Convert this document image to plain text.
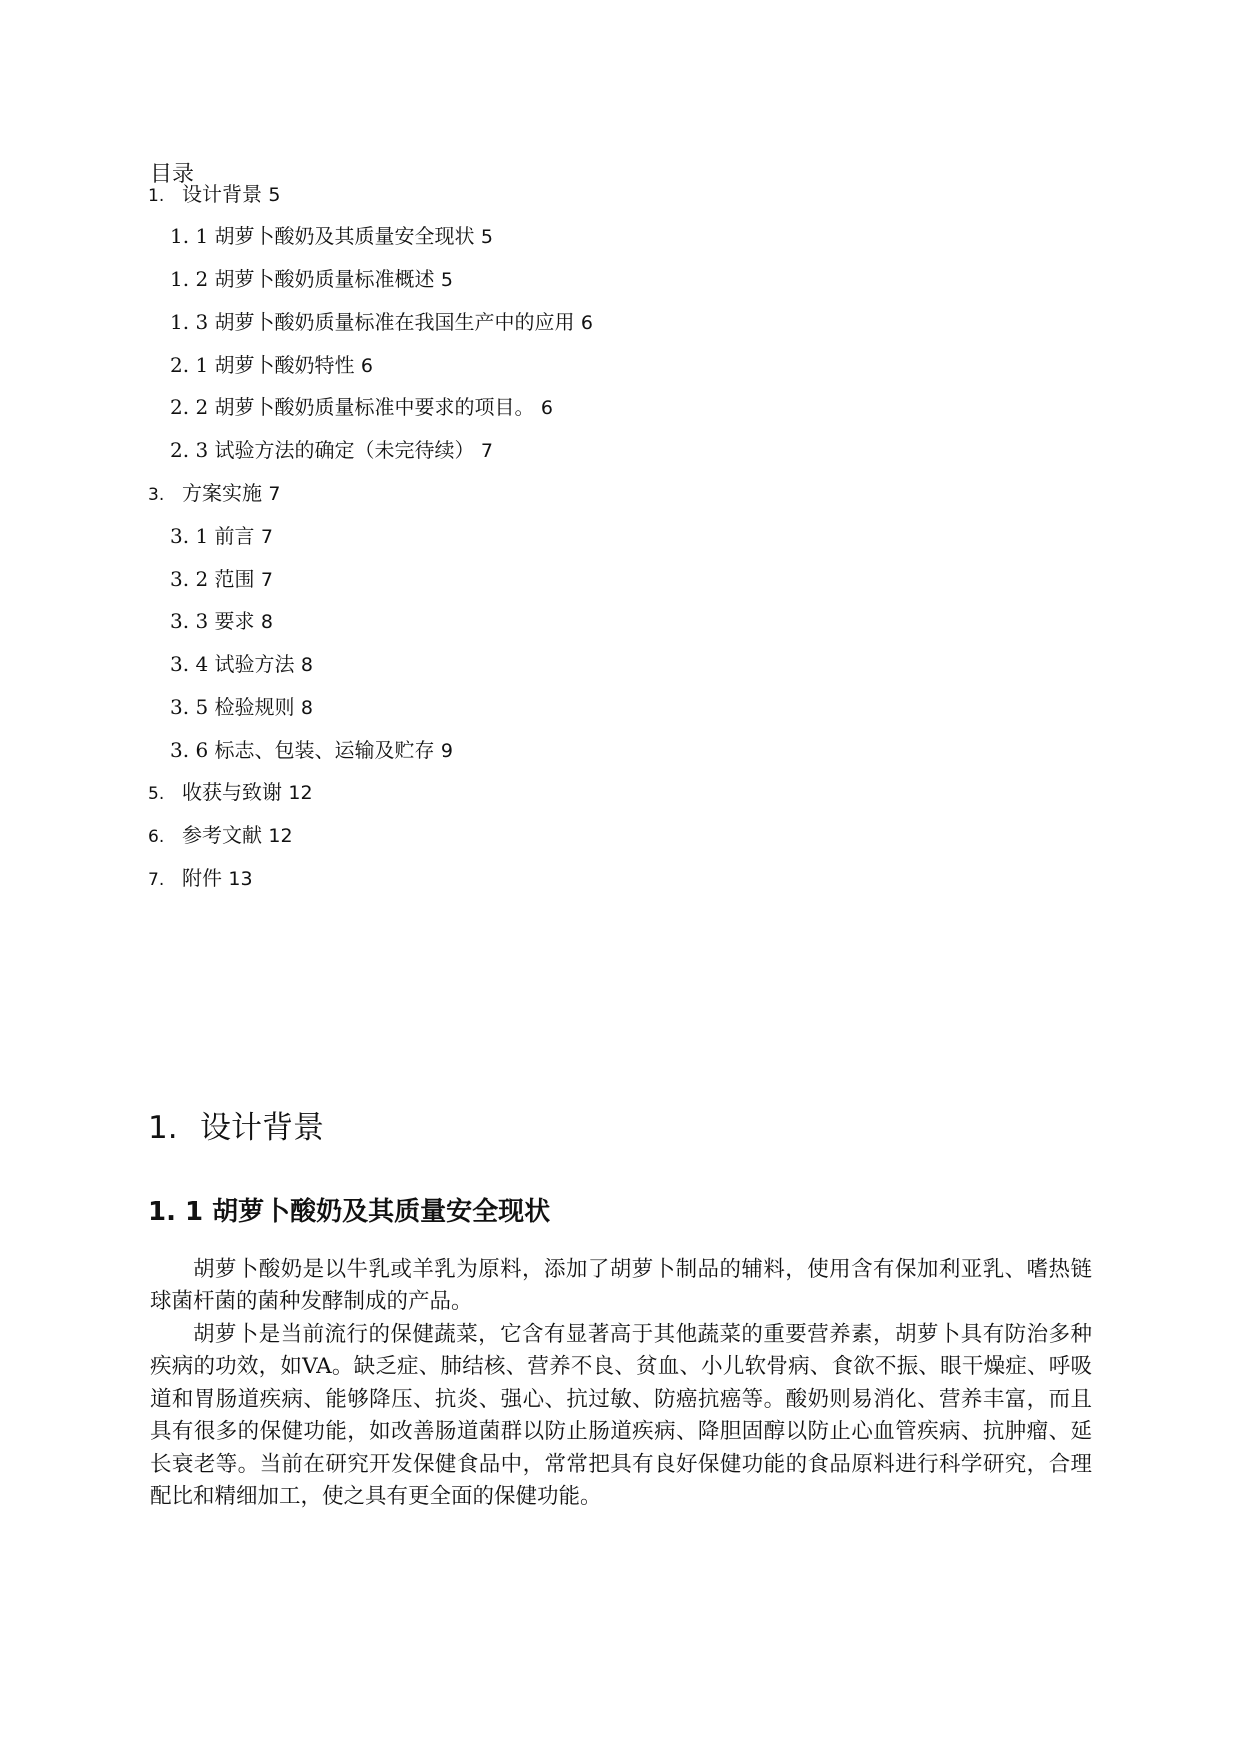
目录
1. 设计背景 5
1. 1 胡萝卜酸奶及其质量安全现状 5
1. 2 胡萝卜酸奶质量标准概述 5
1. 3 胡萝卜酸奶质量标准在我国生产中的应用 6
2. 1 胡萝卜酸奶特性 6
2. 2 胡萝卜酸奶质量标准中要求的项目。 6
2. 3 试验方法的确定（未完待续） 7
3. 方案实施 7
3. 1 前言 7
3. 2 范围 7
3. 3 要求 8
3. 4 试验方法 8
3. 5 检验规则 8
3. 6 标志、包装、运输及贮存 9
5. 收获与致谢 12
6. 参考文献 12
7. 附件 13
1. 设计背景
1. 1 胡萝卜酸奶及其质量安全现状

胡萝卜酸奶是以牛乳或羊乳为原料，添加了胡萝卜制品的辅料，使用含有保加利亚乳、嗜热链球菌杆菌的菌种发酵制成的产品。

胡萝卜是当前流行的保健蔬菜，它含有显著高于其他蔬菜的重要营养素，胡萝卜具有防治多种疾病的功效，如VA。缺乏症、肺结核、营养不良、贫血、小儿软骨病、食欲不振、眼干燥症、呼吸道和胃肠道疾病、能够降压、抗炎、强心、抗过敏、防癌抗癌等。酸奶则易消化、营养丰富，而且具有很多的保健功能，如改善肠道菌群以防止肠道疾病、降胆固醇以防止心血管疾病、抗肿瘤、延长衰老等。当前在研究开发保健食品中，常常把具有良好保健功能的食品原料进行科学研究，合理配比和精细加工，使之具有更全面的保健功能。
